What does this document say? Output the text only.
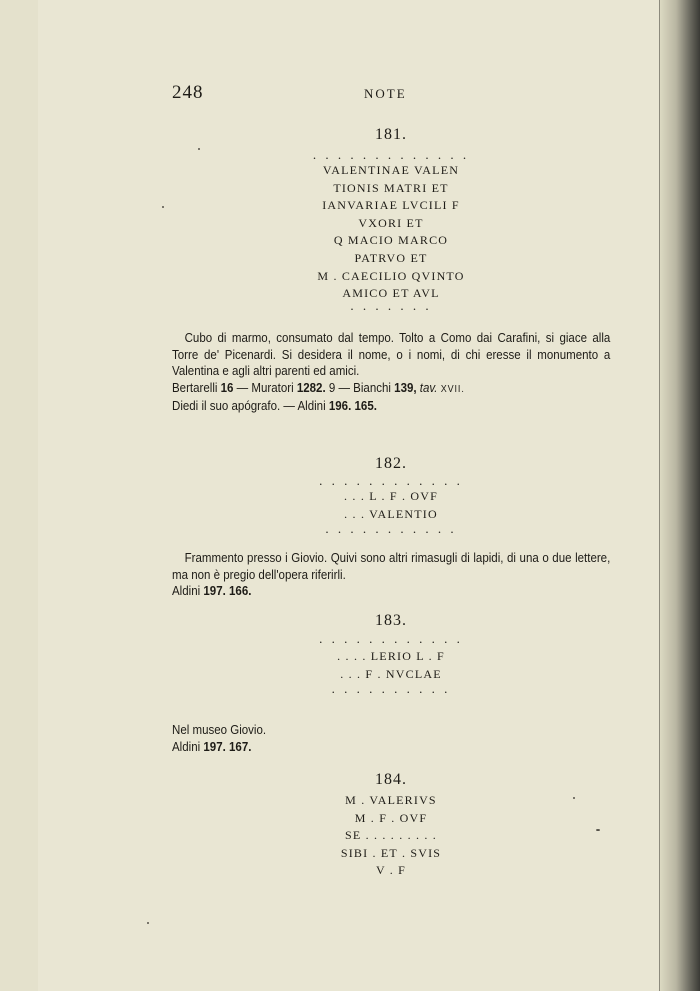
248	NOTE
181.
. . . . . . . . . . . . .
VALENTINAE VALEN
TIONIS MATRI ET
IANVARIAE LVCILI F
VXORI ET
Q MACIO MARCO
PATRVO ET
M . CAECILIO QVINTO
AMICO ET AVL
. . . . . . .

Cubo di marmo, consumato dal tempo. Tolto a Como dai Carafini, si giace alla Torre de' Picenardi. Si desidera il nome, o i nomi, di chi eresse il monumento a Valentina e agli altri parenti ed amici.

Bertarelli 16 — Muratori 1282. 9 — Bianchi 139, tav. XVII.

Diedi il suo apógrafo. — Aldini 196. 165.

182.
. . . . . . . . . . . .
. . . L . F . OVF
. . . VALENTIO
. . . . . . . . . . .

Frammento presso i Giovio. Quivi sono altri rimasugli di lapidi, di una o due lettere, ma non è pregio dell'opera riferirli.

Aldini 197. 166.

183.
. . . . . . . . . . . .
. . . . LERIO L . F
. . . F . NVCLAE
. . . . . . . . . .

Nel museo Giovio.

Aldini 197. 167.

184.
M . VALERIVS
M . F . OVF
SE . . . . . . . . .
SIBI . ET . SVIS
V . F
